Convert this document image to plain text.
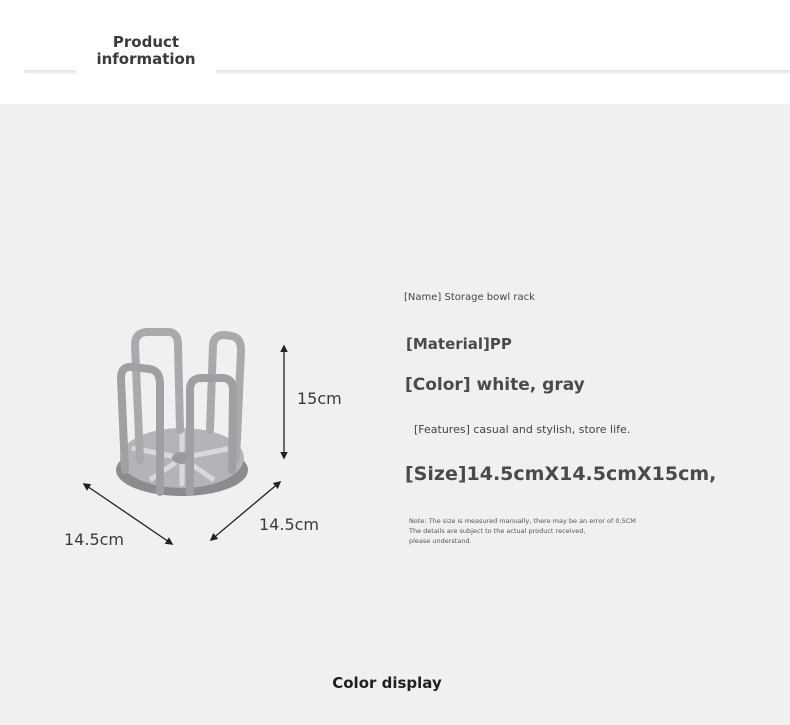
Product information
15cm
14.5cm
14.5cm
[Name] Storage bowl rack
[Material]PP
[Color] white, gray
[Features] casual and stylish, store life.
[Size]14.5cmX14.5cmX15cm,
Note: The size is measured manually, there may be an error of 0.5CM
The details are subject to the actual product received,
please understand.
Color display
